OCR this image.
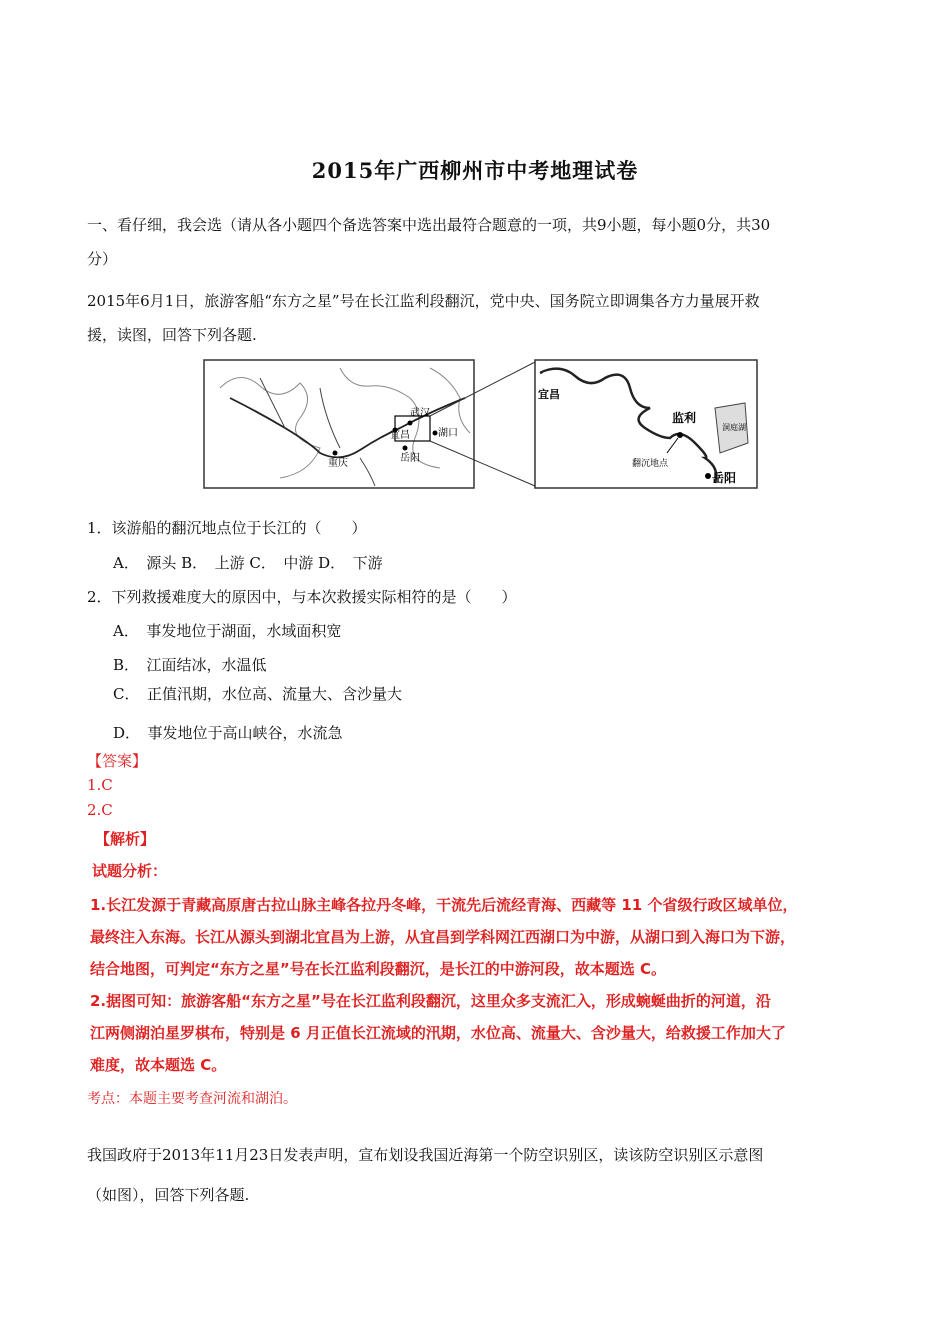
2015年广西柳州市中考地理试卷
一、看仔细，我会选（请从各小题四个备选答案中选出最符合题意的一项，共9小题，每小题0分，共30
分）
2015年6月1日，旅游客船“东方之星”号在长江监利段翻沉，党中央、国务院立即调集各方力量展开救
援，读图，回答下列各题.
武汉
宜昌	湖口
重庆	岳阳
宜昌
监利
翻沉地点
岳阳
洞庭湖
1．该游船的翻沉地点位于长江的（　　）
A．　源头 B．　上游 C．　中游 D．　下游
2．下列救援难度大的原因中，与本次救援实际相符的是（　　）
A．　事发地位于湖面，水域面积宽
B．　江面结冰，水温低
C．　正值汛期，水位高、流量大、含沙量大
D．　事发地位于高山峡谷，水流急
【答案】
1.C
2.C
【解析】
试题分析：
1.长江发源于青藏高原唐古拉山脉主峰各拉丹冬峰，干流先后流经青海、西藏等 11 个省级行政区域单位，
最终注入东海。长江从源头到湖北宜昌为上游，从宜昌到学科网江西湖口为中游，从湖口到入海口为下游，
结合地图，可判定“东方之星”号在长江监利段翻沉，是长江的中游河段，故本题选 C。
2.据图可知：旅游客船“东方之星”号在长江监利段翻沉，这里众多支流汇入，形成蜿蜒曲折的河道，沿
江两侧湖泊星罗棋布，特别是 6 月正值长江流域的汛期，水位高、流量大、含沙量大，给救援工作加大了
难度，故本题选 C。
考点：本题主要考查河流和湖泊。
我国政府于2013年11月23日发表声明，宣布划设我国近海第一个防空识别区，读该防空识别区示意图
（如图），回答下列各题.
